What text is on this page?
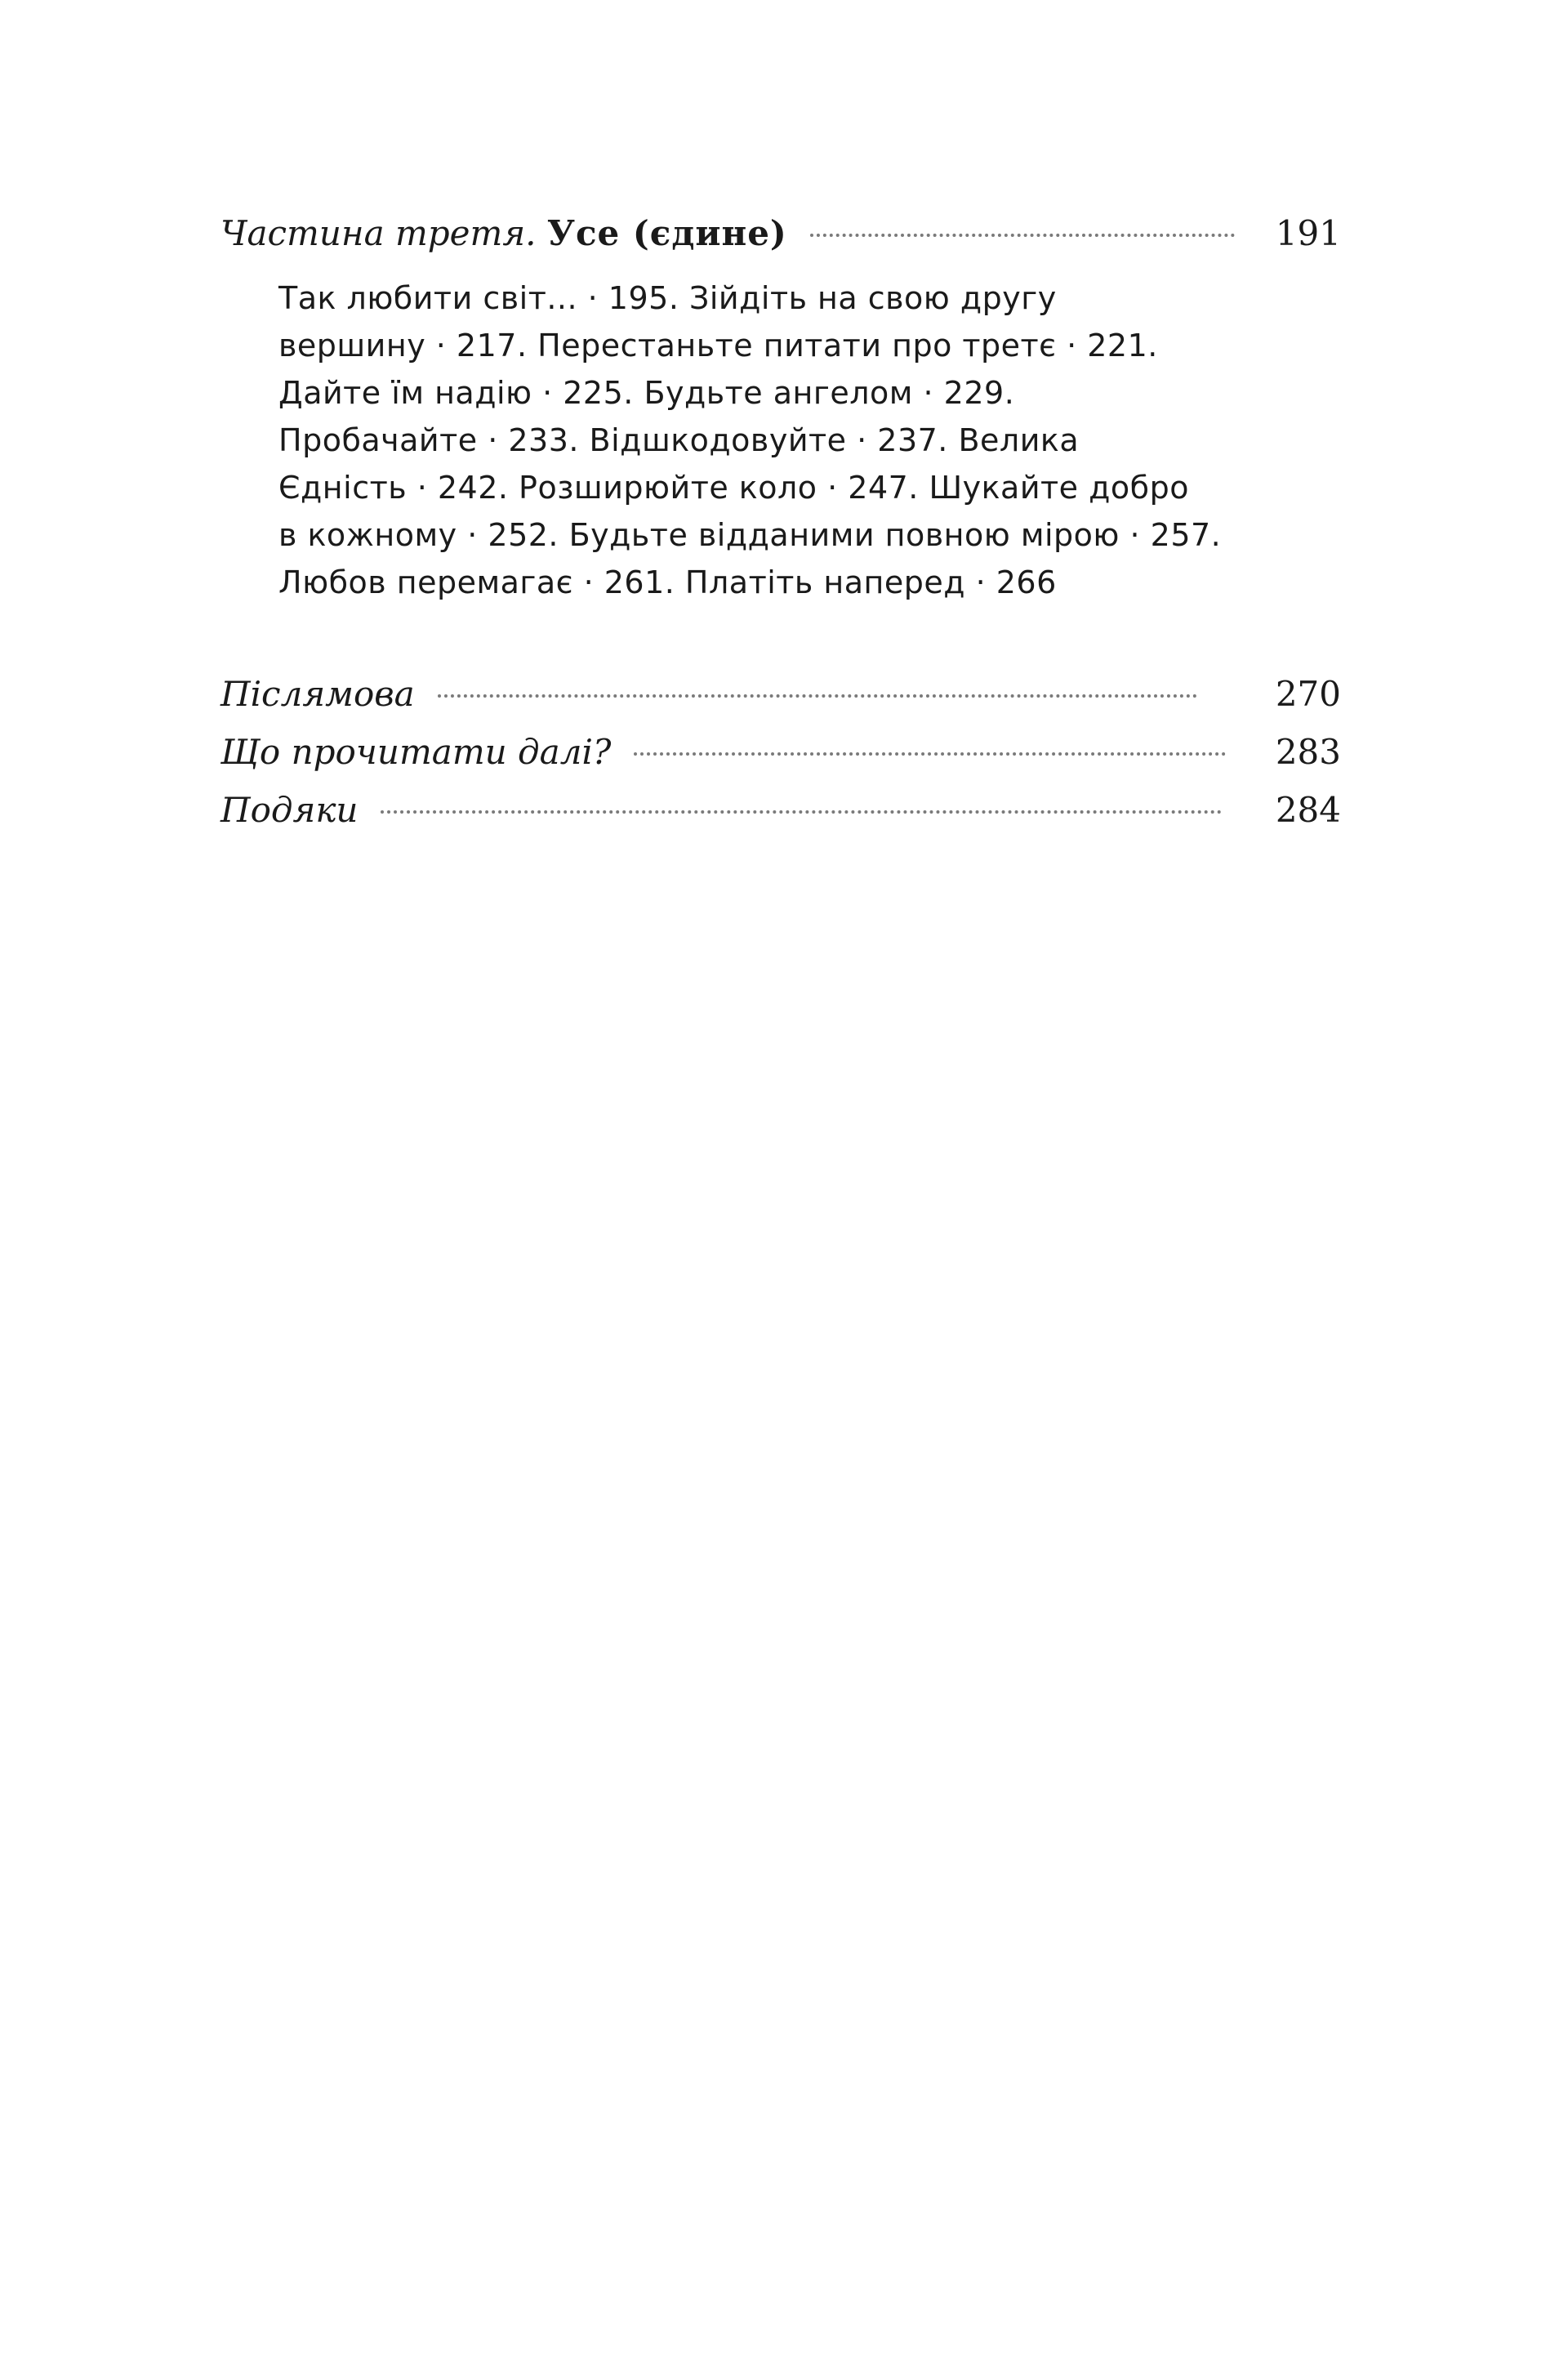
Частина третя. Усе (єдине)	191
Так любити світ... · 195. Зійдіть на свою другу
вершину · 217. Перестаньте питати про третє · 221.
Дайте їм надію · 225. Будьте ангелом · 229.
Пробачайте · 233. Відшкодовуйте · 237. Велика
Єдність · 242. Розширюйте коло · 247. Шукайте добро
в кожному · 252. Будьте відданими повною мірою · 257.
Любов перемагає · 261. Платіть наперед · 266
Післямова	270
Що прочитати далі?	283
Подяки	284
